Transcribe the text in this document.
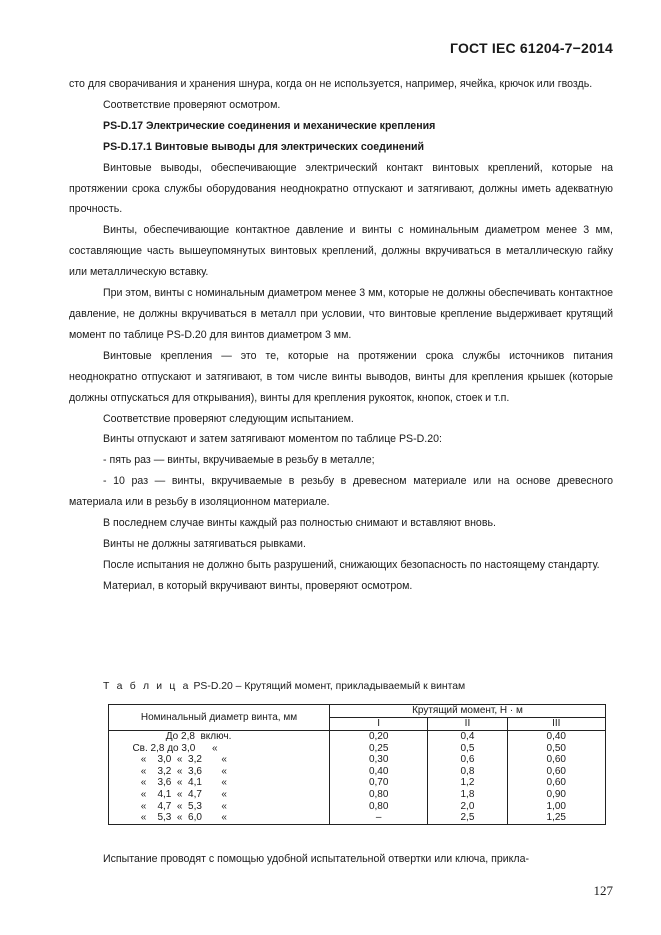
ГОСТ IEC 61204-7−2014

сто для сворачивания и хранения шнура, когда он не используется, например, ячейка, крючок или гвоздь.

Соответствие проверяют осмотром.

PS-D.17 Электрические соединения и механические крепления

PS-D.17.1 Винтовые выводы для электрических соединений

Винтовые выводы, обеспечивающие электрический контакт винтовых креплений, которые на протяжении срока службы оборудования неоднократно отпускают и затягивают, должны иметь адекватную прочность.

Винты, обеспечивающие контактное давление и винты с номинальным диаметром менее 3 мм, составляющие часть вышеупомянутых винтовых креплений, должны вкручиваться в металлическую гайку или металлическую вставку.

При этом, винты с номинальным диаметром менее 3 мм, которые не должны обеспечивать контактное давление, не должны вкручиваться в металл при условии, что винтовые крепление выдерживает крутящий момент по таблице PS-D.20 для винтов диаметром 3 мм.

Винтовые крепления — это те, которые на протяжении срока службы источников питания неоднократно отпускают и затягивают, в том числе винты выводов, винты для крепления крышек (которые должны отпускаться для открывания), винты для крепления рукояток, кнопок, стоек и т.п.

Соответствие проверяют следующим испытанием.

Винты отпускают и затем затягивают моментом по таблице PS-D.20:

- пять раз — винты, вкручиваемые в резьбу в металле;

- 10 раз — винты, вкручиваемые в резьбу в древесном материале или на основе древесного материала или в резьбу в изоляционном материале.

В последнем случае винты каждый раз полностью снимают и вставляют вновь.

Винты не должны затягиваться рывками.

После испытания не должно быть разрушений, снижающих безопасность по настоящему стандарту.

Материал, в который вкручивают винты, проверяют осмотром.

Т а б л и ц а PS-D.20 – Крутящий момент, прикладываемый к винтам
Номинальный диаметр винта, мм	Крутящий момент, Н · м		
	I	II	III
До 2,8  включ.	0,20	0,4	0,40
Св. 2,8 до 3,0      «	0,25	0,5	0,50
«    3,0  «  3,2       «	0,30	0,6	0,60
«    3,2  «  3,6       «	0,40	0,8	0,60
«    3,6  «  4,1       «	0,70	1,2	0,60
«    4,1  «  4,7       «	0,80	1,8	0,90
«    4,7  «  5,3       «	0,80	2,0	1,00
«    5,3  «  6,0       «	–	2,5	1,25
Испытание проводят с помощью удобной испытательной отвертки или ключа, прикла-
127
